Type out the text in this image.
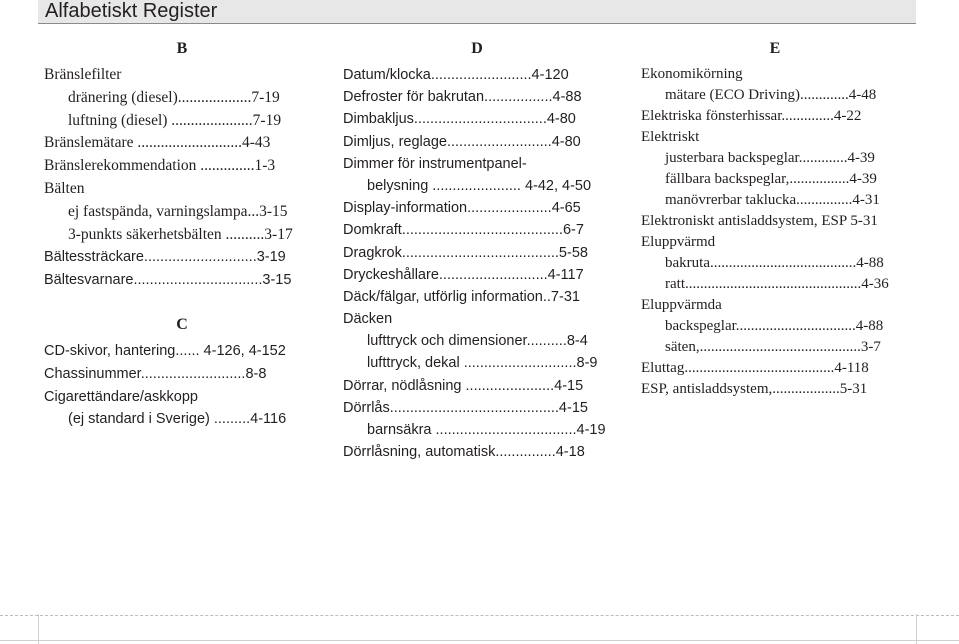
Alfabetiskt Register
B
Bränslefilter
dränering (diesel)...................7-19
luftning (diesel) .....................7-19
Bränslemätare ...........................4-43
Bränslerekommendation ..............1-3
Bälten
ej fastspända, varningslampa...3-15
3-punkts säkerhetsbälten ..........3-17
Bältessträckare............................3-19
Bältesvarnare................................3-15
C
CD-skivor, hantering...... 4-126, 4-152
Chassinummer..........................8-8
Cigarettändare/askkopp
(ej standard i Sverige) .........4-116
D
Datum/klocka.........................4-120
Defroster för bakrutan.................4-88
Dimbakljus.................................4-80
Dimljus, reglage..........................4-80
Dimmer för instrumentpanel-
belysning ...................... 4-42, 4-50
Display-information.....................4-65
Domkraft........................................6-7
Dragkrok.......................................5-58
Dryckeshållare...........................4-117
Däck/fälgar, utförlig information..7-31
Däcken
lufttryck och dimensioner..........8-4
lufttryck, dekal ............................8-9
Dörrar, nödlåsning ......................4-15
Dörrlås..........................................4-15
barnsäkra ...................................4-19
Dörrlåsning, automatisk...............4-18
E
Ekonomikörning
mätare (ECO Driving).............4-48
Elektriska fönsterhissar..............4-22
Elektriskt
justerbara backspeglar.............4-39
fällbara backspeglar,................4-39
manövrerbar taklucka...............4-31
Elektroniskt antisladdsystem, ESP 5-31
Eluppvärmd
bakruta.......................................4-88
ratt...............................................4-36
Eluppvärmda
backspeglar................................4-88
säten,...........................................3-7
Eluttag........................................4-118
ESP, antisladdsystem,..................5-31
